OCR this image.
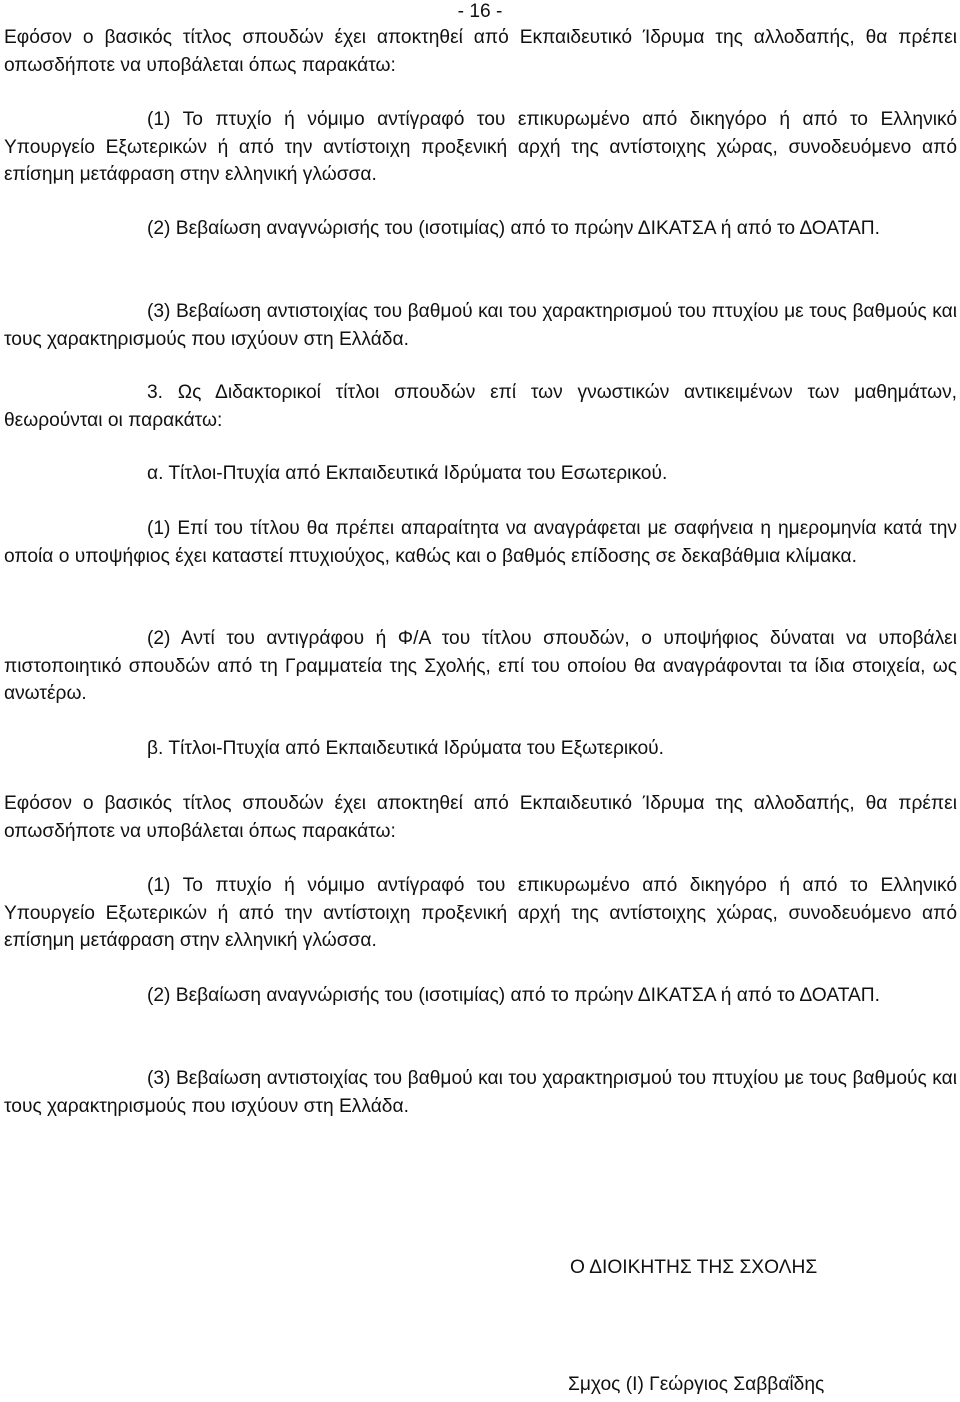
- 16 -

Εφόσον ο βασικός τίτλος σπουδών έχει αποκτηθεί από Εκπαιδευτικό Ίδρυμα της αλλοδαπής, θα πρέπει οπωσδήποτε να υποβάλεται όπως παρακάτω:

(1) Το πτυχίο ή νόμιμο αντίγραφό του επικυρωμένο από δικηγόρο ή από το Ελληνικό Υπουργείο Εξωτερικών ή από την αντίστοιχη προξενική αρχή της αντίστοιχης χώρας, συνοδευόμενο από επίσημη μετάφραση στην ελληνική γλώσσα.

(2) Βεβαίωση αναγνώρισής του (ισοτιμίας) από το πρώην ΔΙΚΑΤΣΑ ή από το ΔΟΑΤΑΠ.

(3) Βεβαίωση αντιστοιχίας του βαθμού και του χαρακτηρισμού του πτυχίου με τους βαθμούς και τους χαρακτηρισμούς που ισχύουν στη Ελλάδα.

3. Ως Διδακτορικοί τίτλοι σπουδών επί των γνωστικών αντικειμένων των μαθημάτων, θεωρούνται οι παρακάτω:

α. Τίτλοι-Πτυχία από Εκπαιδευτικά Ιδρύματα του Εσωτερικού.

(1) Επί του τίτλου θα πρέπει απαραίτητα να αναγράφεται με σαφήνεια η ημερομηνία κατά την οποία ο υποψήφιος έχει καταστεί πτυχιούχος, καθώς και ο βαθμός επίδοσης σε δεκαβάθμια κλίμακα.

(2) Αντί του αντιγράφου ή Φ/Α του τίτλου σπουδών, ο υποψήφιος δύναται να υποβάλει πιστοποιητικό σπουδών από τη Γραμματεία της Σχολής, επί του οποίου θα αναγράφονται τα ίδια στοιχεία, ως ανωτέρω.

β. Τίτλοι-Πτυχία από Εκπαιδευτικά Ιδρύματα του Εξωτερικού.

Εφόσον ο βασικός τίτλος σπουδών έχει αποκτηθεί από Εκπαιδευτικό Ίδρυμα της αλλοδαπής, θα πρέπει οπωσδήποτε να υποβάλεται όπως παρακάτω:

(1) Το πτυχίο ή νόμιμο αντίγραφό του επικυρωμένο από δικηγόρο ή από το Ελληνικό Υπουργείο Εξωτερικών ή από την αντίστοιχη προξενική αρχή της αντίστοιχης χώρας, συνοδευόμενο από επίσημη μετάφραση στην ελληνική γλώσσα.

(2) Βεβαίωση αναγνώρισής του (ισοτιμίας) από το πρώην ΔΙΚΑΤΣΑ ή από το ΔΟΑΤΑΠ.

(3) Βεβαίωση αντιστοιχίας του βαθμού και του χαρακτηρισμού του πτυχίου με τους βαθμούς και τους χαρακτηρισμούς που ισχύουν στη Ελλάδα.

Ο ΔΙΟΙΚΗΤΗΣ ΤΗΣ ΣΧΟΛΗΣ
Σμχος (Ι) Γεώργιος Σαββαΐδης
